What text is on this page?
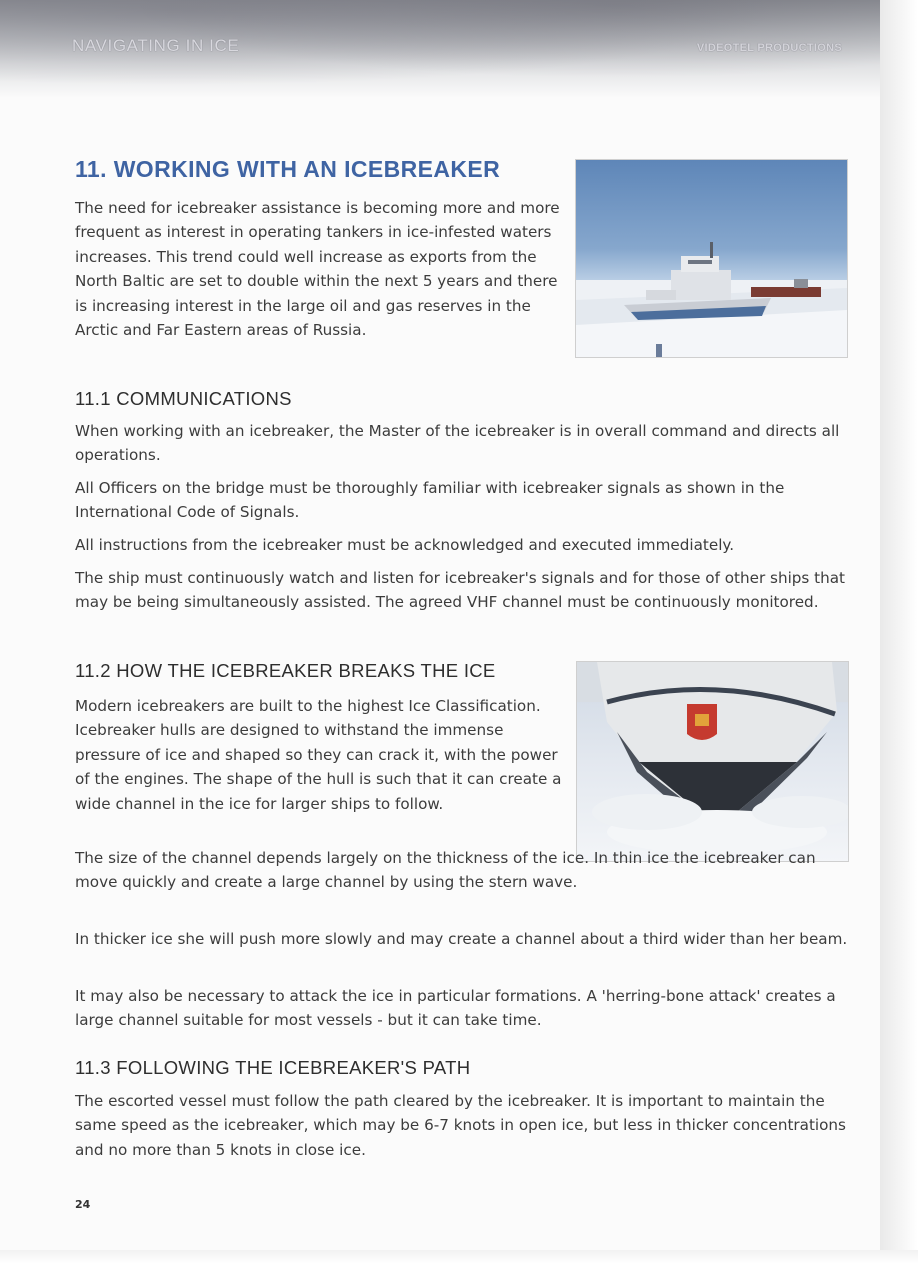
NAVIGATING IN ICE	VIDEOTEL PRODUCTIONS
11. WORKING WITH AN ICEBREAKER

The need for icebreaker assistance is becoming more and more frequent as interest in operating tankers in ice-infested waters increases. This trend could well increase as exports from the North Baltic are set to double within the next 5 years and there is increasing interest in the large oil and gas reserves in the Arctic and Far Eastern areas of Russia.

11.1 COMMUNICATIONS

When working with an icebreaker, the Master of the icebreaker is in overall command and directs all operations.

All Officers on the bridge must be thoroughly familiar with icebreaker signals as shown in the International Code of Signals.

All instructions from the icebreaker must be acknowledged and executed immediately.

The ship must continuously watch and listen for icebreaker's signals and for those of other ships that may be being simultaneously assisted. The agreed VHF channel must be continuously monitored.

11.2 HOW THE ICEBREAKER BREAKS THE ICE

Modern icebreakers are built to the highest Ice Classification. Icebreaker hulls are designed to withstand the immense pressure of ice and shaped so they can crack it, with the power of the engines. The shape of the hull is such that it can create a wide channel in the ice for larger ships to follow.

The size of the channel depends largely on the thickness of the ice. In thin ice the icebreaker can move quickly and create a large channel by using the stern wave.

In thicker ice she will push more slowly and may create a channel about a third wider than her beam.

It may also be necessary to attack the ice in particular formations. A 'herring-bone attack' creates a large channel suitable for most vessels - but it can take time.

11.3 FOLLOWING THE ICEBREAKER'S PATH

The escorted vessel must follow the path cleared by the icebreaker. It is important to maintain the same speed as the icebreaker, which may be 6-7 knots in open ice, but less in thicker concentrations and no more than 5 knots in close ice.

24
